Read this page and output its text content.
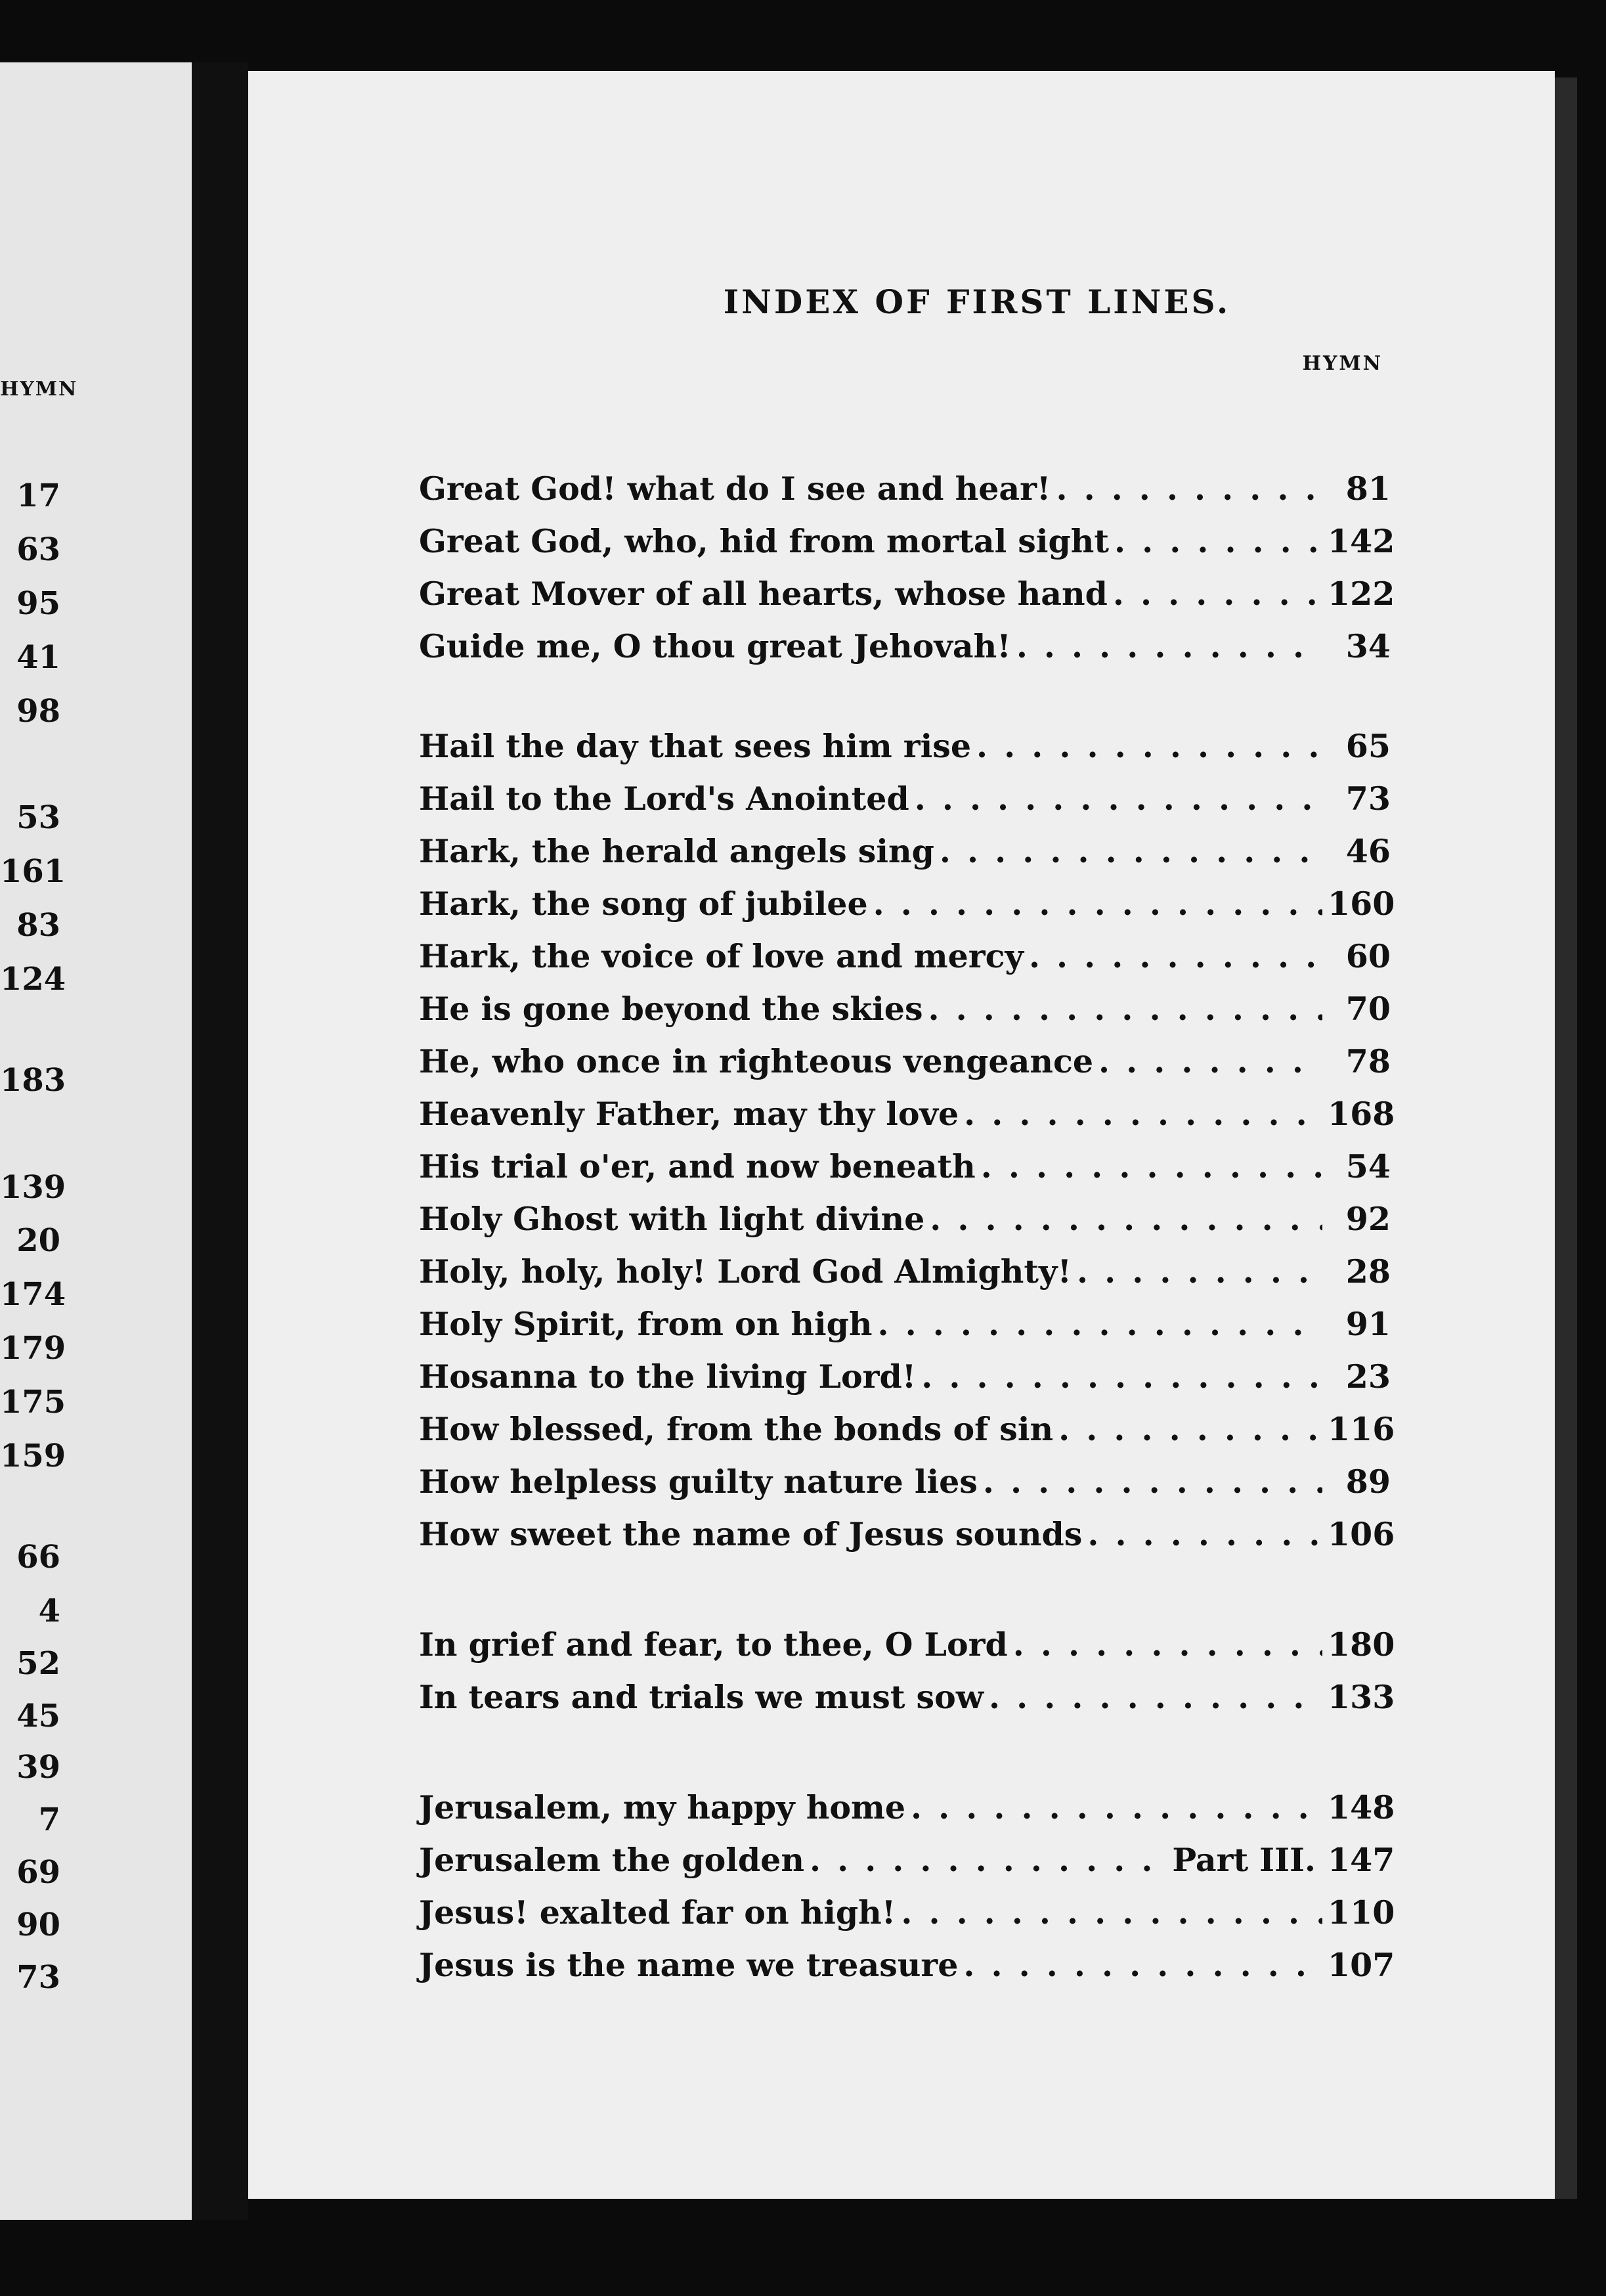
HYMN
17
63
95
41
98
53
161
83
124
183
139
20
174
179
175
159
66
4
52
45
39
7
69
90
73
INDEX OF FIRST LINES.
HYMN
Great God! what do I see and hear! . . .	81
Great God, who, hid from mortal sight . . .	142
Great Mover of all hearts, whose hand . . .	122
Guide me, O thou great Jehovah! . . .	34
Hail the day that sees him rise . . .	65
Hail to the Lord's Anointed . . .	73
Hark, the herald angels sing . . .	46
Hark, the song of jubilee . . .	160
Hark, the voice of love and mercy . . .	60
He is gone beyond the skies . . .	70
He, who once in righteous vengeance . . .	78
Heavenly Father, may thy love . . .	168
His trial o'er, and now beneath . . .	54
Holy Ghost with light divine . . .	92
Holy, holy, holy! Lord God Almighty! . . .	28
Holy Spirit, from on high . . .	91
Hosanna to the living Lord! . . .	23
How blessed, from the bonds of sin . . .	116
How helpless guilty nature lies . . .	89
How sweet the name of Jesus sounds . . .	106
In grief and fear, to thee, O Lord . . .	180
In tears and trials we must sow . . .	133
Jerusalem, my happy home . . .	148
Jerusalem the golden . . .	Part III. 147
Jesus! exalted far on high! . . .	110
Jesus is the name we treasure . . .	107
